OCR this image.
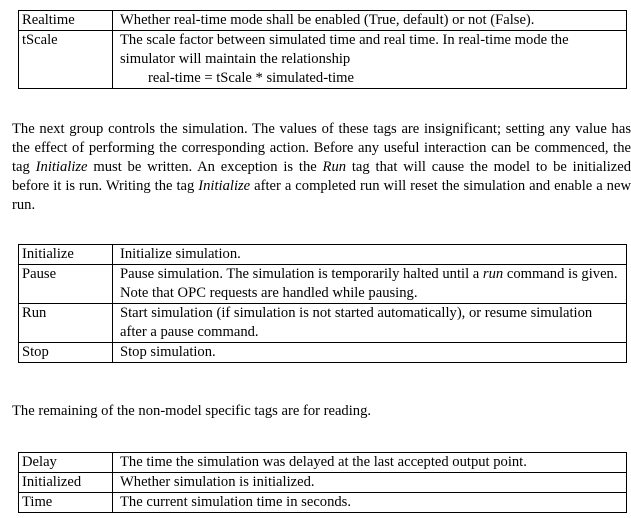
Realtime	Whether real-time mode shall be enabled (True, default) or not (False).
tScale	The scale factor between simulated time and real time. In real-time mode the simulator will maintain the relationship
real-time = tScale * simulated-time

The next group controls the simulation. The values of these tags are insignificant; setting any value has the effect of performing the corresponding action. Before any useful interaction can be commenced, the tag Initialize must be written. An exception is the Run tag that will cause the model to be initialized before it is run. Writing the tag Initialize after a completed run will reset the simulation and enable a new run.

Initialize	Initialize simulation.
Pause	Pause simulation. The simulation is temporarily halted until a run command is given. Note that OPC requests are handled while pausing.
Run	Start simulation (if simulation is not started automatically), or resume simulation after a pause command.
Stop	Stop simulation.

The remaining of the non-model specific tags are for reading.

Delay	The time the simulation was delayed at the last accepted output point.
Initialized	Whether simulation is initialized.
Time	The current simulation time in seconds.
